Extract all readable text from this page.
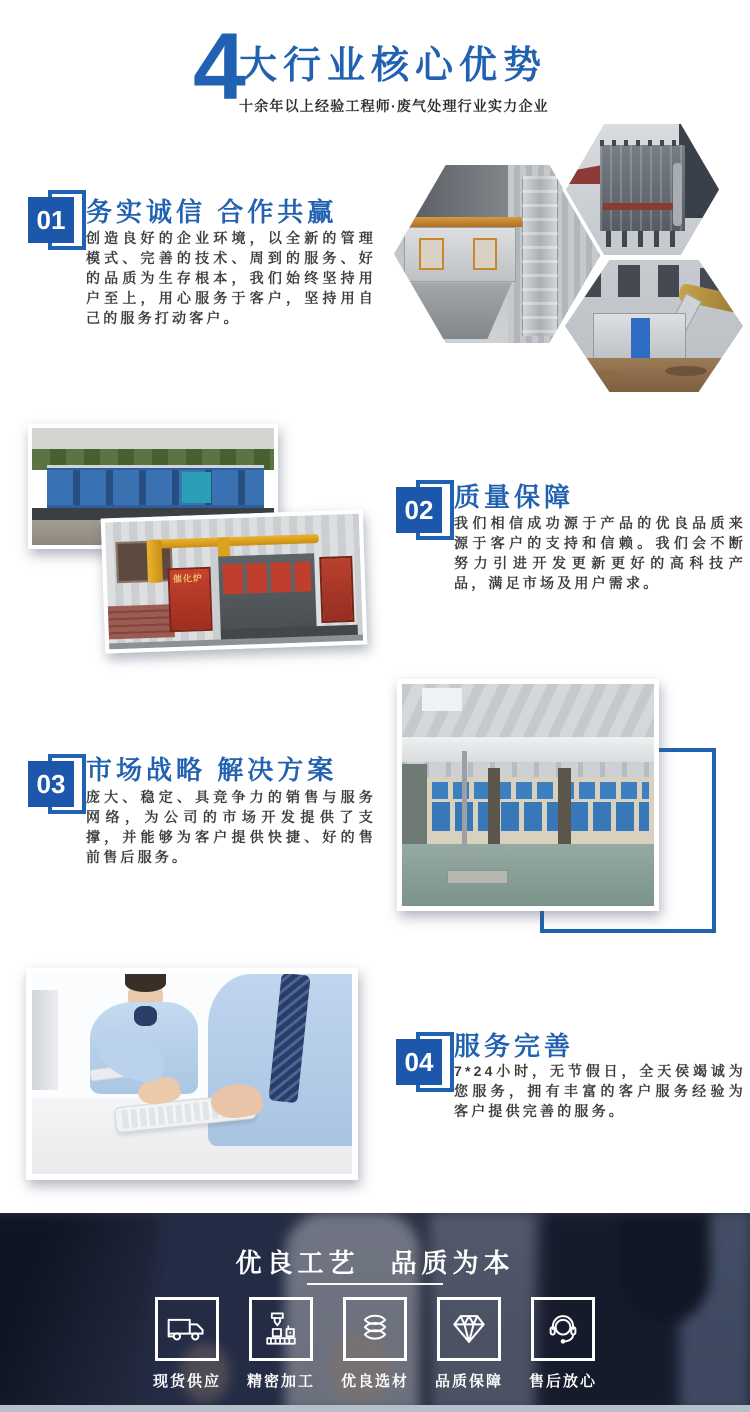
4
大行业核心优势
十余年以上经验工程师·废气处理行业实力企业
01 务实诚信 合作共赢

创造良好的企业环境，以全新的管理模式、完善的技术、周到的服务、好的品质为生存根本，我们始终坚持用户至上，用心服务于客户，坚持用自己的服务打动客户。

催化炉
02 质量保障

我们相信成功源于产品的优良品质来源于客户的支持和信赖。我们会不断努力引进开发更新更好的高科技产品，满足市场及用户需求。

03 市场战略 解决方案

庞大、稳定、具竞争力的销售与服务网络，为公司的市场开发提供了支撑，并能够为客户提供快捷、好的售前售后服务。

04
服务完善

7*24小时，无节假日，全天侯竭诚为您服务，拥有丰富的客户服务经验为客户提供完善的服务。

优良工艺　品质为本
现货供应 精密加工 优良选材 品质保障 售后放心
